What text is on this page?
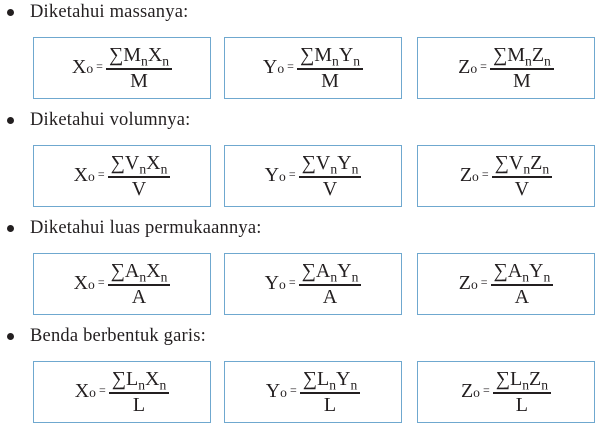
Diketahui massanya:
X $o = \frac{\sum M_nX_n}{M}$	Y $o = \frac{\sum M_nY_n}{M}$	Z $o = \frac{\sum M_nZ_n}{M}$
Diketahui volumnya:
X $o = \frac{\sum V_nX_n}{V}$	Y $o = \frac{\sum V_nY_n}{V}$	Z $o = \frac{\sum V_nZ_n}{V}$
Diketahui luas permukaannya:
X $o = \frac{\sum A_nX_n}{A}$	Y $o = \frac{\sum A_nY_n}{A}$	Z $o = \frac{\sum A_nY_n}{A}$
Benda berbentuk garis:
X $o = \frac{\sum L_nX_n}{L}$	Y $o = \frac{\sum L_nY_n}{L}$	Z $o = \frac{\sum L_nZ_n}{L}$
